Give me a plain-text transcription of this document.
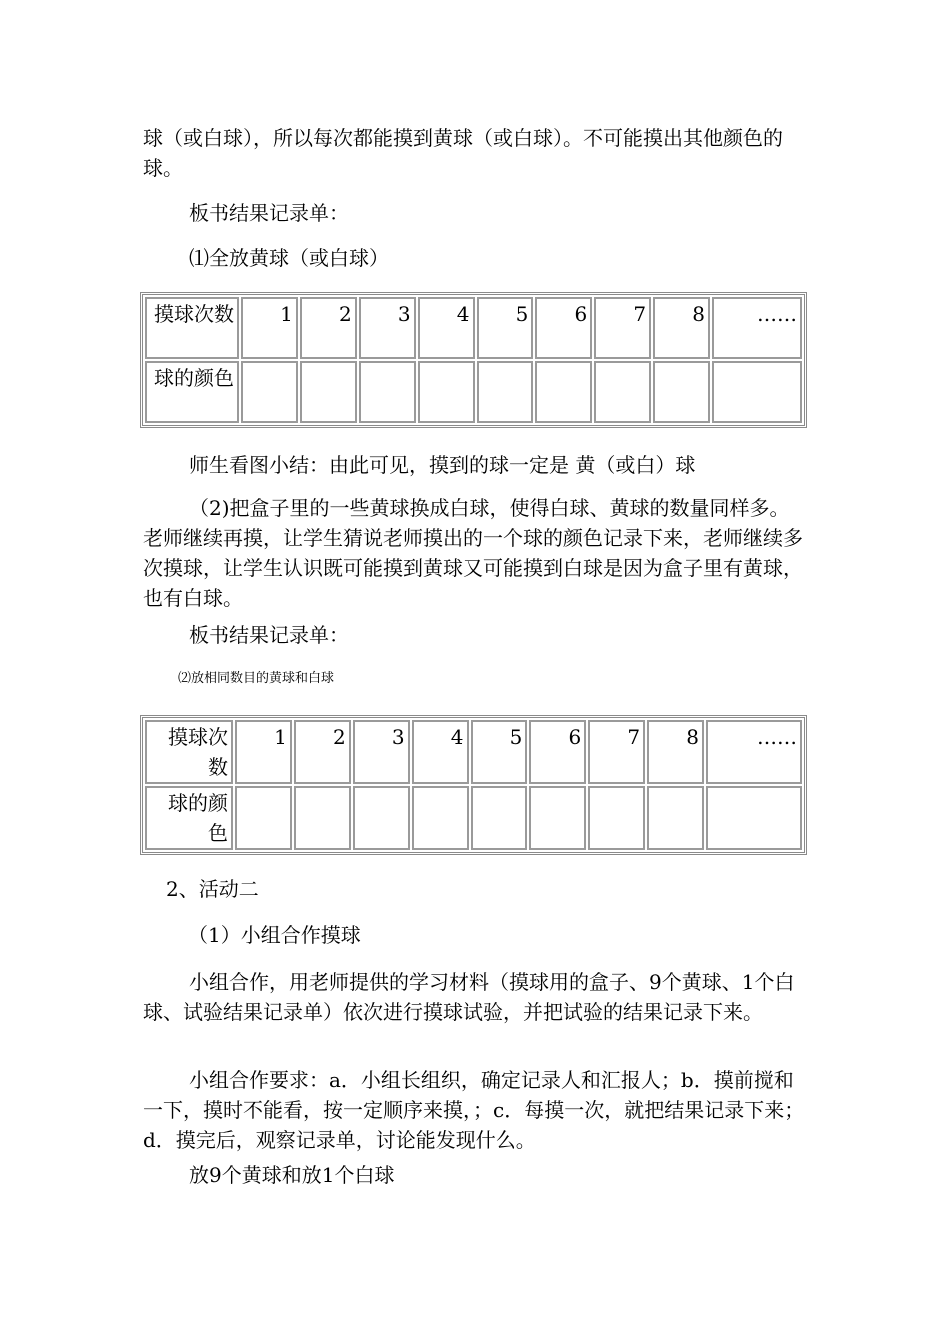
球（或白球），所以每次都能摸到黄球（或白球）。不可能摸出其他颜色的球。

板书结果记录单：

⑴全放黄球（或白球）

摸球次数	1	2	3	4	5	6	7	8	……
球的颜色									

师生看图小结：由此可见，摸到的球一定是 黄（或白）球

（2)把盒子里的一些黄球换成白球，使得白球、黄球的数量同样多。老师继续再摸，让学生猜说老师摸出的一个球的颜色记录下来，老师继续多次摸球，让学生认识既可能摸到黄球又可能摸到白球是因为盒子里有黄球，也有白球。

板书结果记录单：

⑵放相同数目的黄球和白球

摸球次数	1	2	3	4	5	6	7	8	……
球的颜色									

2、活动二

（1）小组合作摸球

小组合作，用老师提供的学习材料（摸球用的盒子、9个黄球、1个白球、试验结果记录单）依次进行摸球试验，并把试验的结果记录下来。

小组合作要求：a．小组长组织，确定记录人和汇报人；b．摸前搅和一下，摸时不能看，按一定顺序来摸，；c．每摸一次，就把结果记录下来；d．摸完后，观察记录单，讨论能发现什么。

放9个黄球和放1个白球
